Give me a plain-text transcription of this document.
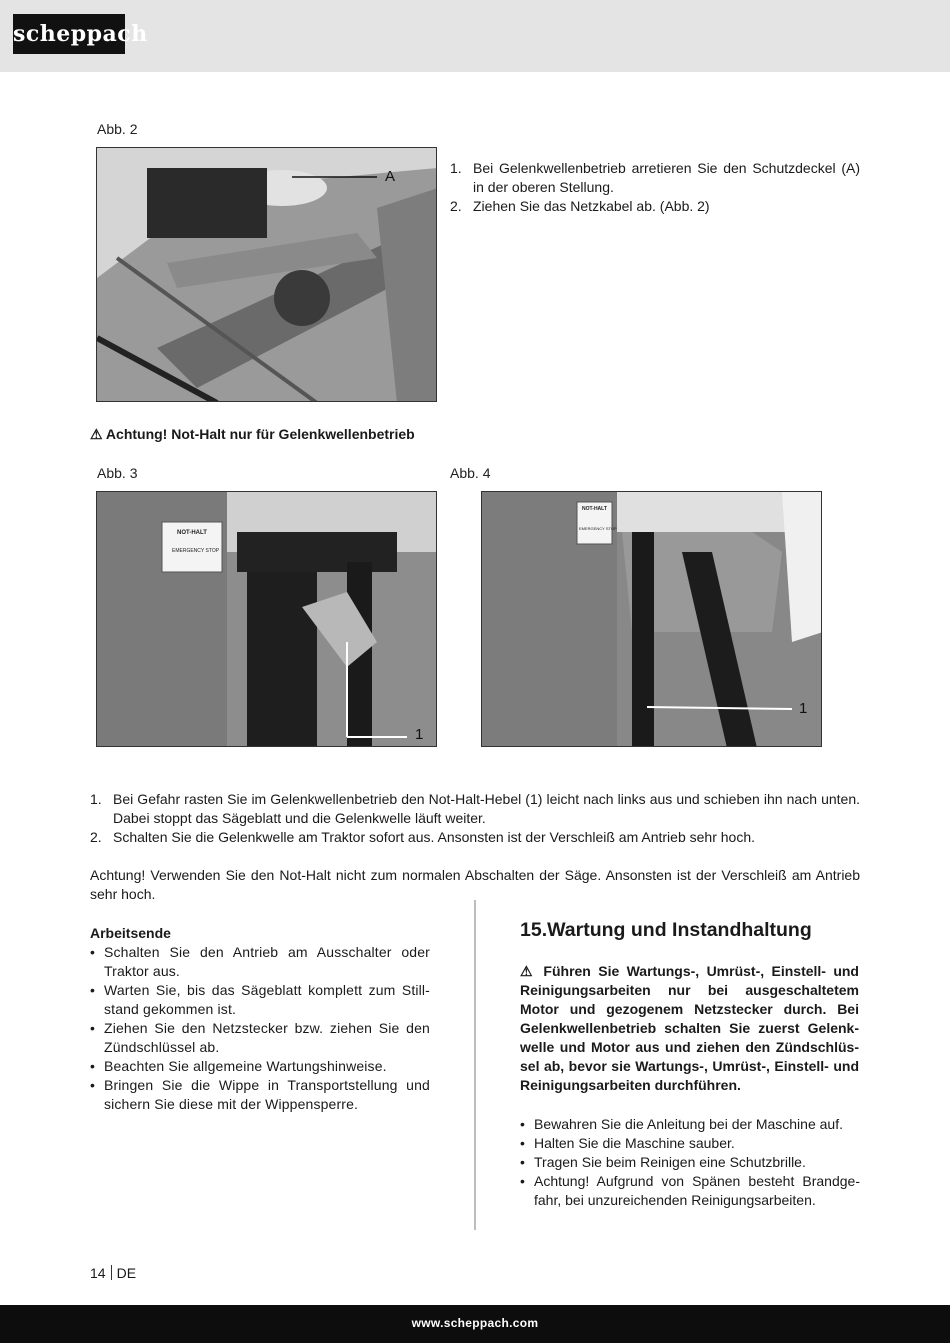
scheppach
Abb. 2
A	1. Bei Gelenkwellenbetrieb arretieren Sie den Schutzdeckel (A) in der oberen Stellung.
2. Ziehen Sie das Netzkabel ab. (Abb. 2)
⚠ Achtung! Not-Halt nur für Gelenkwellenbetrieb
Abb. 3
NOT-HALT
EMERGENCY STOP
1
Abb. 4
NOT-HALT
EMERGENCY STOP
1
1. Bei Gefahr rasten Sie im Gelenkwellenbetrieb den Not-Halt-Hebel (1) leicht nach links aus und schieben ihn nach unten. Dabei stoppt das Sägeblatt und die Gelenkwelle läuft weiter.
2. Schalten Sie die Gelenkwelle am Traktor sofort aus. Ansonsten ist der Verschleiß am Antrieb sehr hoch.
Achtung! Verwenden Sie den Not-Halt nicht zum normalen Abschalten der Säge. Ansonsten ist der Verschleiß am Antrieb sehr hoch.
Arbeitsende
• Schalten Sie den Antrieb am Ausschalter oder Traktor aus.
• Warten Sie, bis das Sägeblatt komplett zum Still-stand gekommen ist.
• Ziehen Sie den Netzstecker bzw. ziehen Sie den Zündschlüssel ab.
• Beachten Sie allgemeine Wartungshinweise.
• Bringen Sie die Wippe in Transportstellung und sichern Sie diese mit der Wippensperre.
15.Wartung und Instandhaltung
⚠ Führen Sie Wartungs-, Umrüst-, Einstell- und Reinigungsarbeiten nur bei ausgeschaltetem Motor und gezogenem Netzstecker durch. Bei Gelenkwellenbetrieb schalten Sie zuerst Gelenk-welle und Motor aus und ziehen den Zündschlüs-sel ab, bevor sie Wartungs-, Umrüst-, Einstell- und Reinigungsarbeiten durchführen.
• Bewahren Sie die Anleitung bei der Maschine auf.
• Halten Sie die Maschine sauber.
• Tragen Sie beim Reinigen eine Schutzbrille.
• Achtung! Aufgrund von Spänen besteht Brandge-fahr, bei unzureichenden Reinigungsarbeiten.
14 DE
www.scheppach.com
